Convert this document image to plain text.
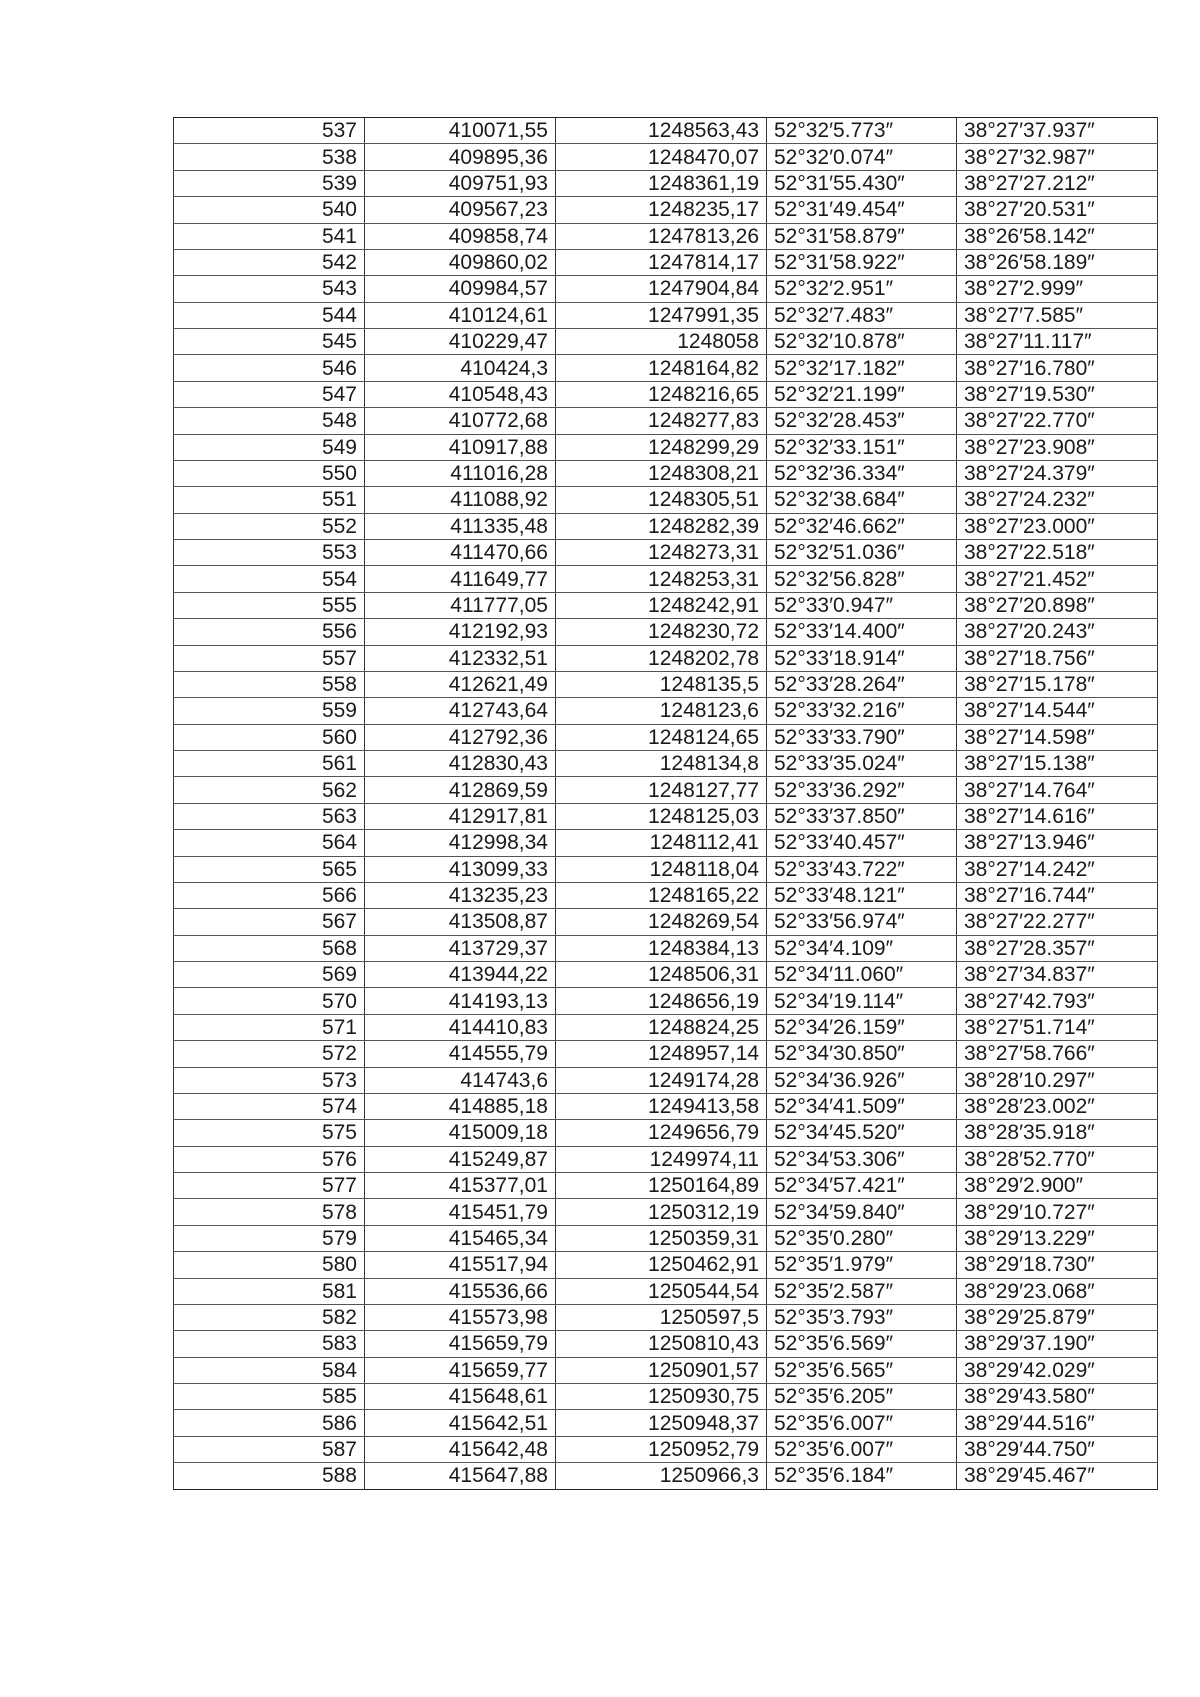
537	410071,55	1248563,43	52°32′5.773″	38°27′37.937″
538	409895,36	1248470,07	52°32′0.074″	38°27′32.987″
539	409751,93	1248361,19	52°31′55.430″	38°27′27.212″
540	409567,23	1248235,17	52°31′49.454″	38°27′20.531″
541	409858,74	1247813,26	52°31′58.879″	38°26′58.142″
542	409860,02	1247814,17	52°31′58.922″	38°26′58.189″
543	409984,57	1247904,84	52°32′2.951″	38°27′2.999″
544	410124,61	1247991,35	52°32′7.483″	38°27′7.585″
545	410229,47	1248058	52°32′10.878″	38°27′11.117″
546	410424,3	1248164,82	52°32′17.182″	38°27′16.780″
547	410548,43	1248216,65	52°32′21.199″	38°27′19.530″
548	410772,68	1248277,83	52°32′28.453″	38°27′22.770″
549	410917,88	1248299,29	52°32′33.151″	38°27′23.908″
550	411016,28	1248308,21	52°32′36.334″	38°27′24.379″
551	411088,92	1248305,51	52°32′38.684″	38°27′24.232″
552	411335,48	1248282,39	52°32′46.662″	38°27′23.000″
553	411470,66	1248273,31	52°32′51.036″	38°27′22.518″
554	411649,77	1248253,31	52°32′56.828″	38°27′21.452″
555	411777,05	1248242,91	52°33′0.947″	38°27′20.898″
556	412192,93	1248230,72	52°33′14.400″	38°27′20.243″
557	412332,51	1248202,78	52°33′18.914″	38°27′18.756″
558	412621,49	1248135,5	52°33′28.264″	38°27′15.178″
559	412743,64	1248123,6	52°33′32.216″	38°27′14.544″
560	412792,36	1248124,65	52°33′33.790″	38°27′14.598″
561	412830,43	1248134,8	52°33′35.024″	38°27′15.138″
562	412869,59	1248127,77	52°33′36.292″	38°27′14.764″
563	412917,81	1248125,03	52°33′37.850″	38°27′14.616″
564	412998,34	1248112,41	52°33′40.457″	38°27′13.946″
565	413099,33	1248118,04	52°33′43.722″	38°27′14.242″
566	413235,23	1248165,22	52°33′48.121″	38°27′16.744″
567	413508,87	1248269,54	52°33′56.974″	38°27′22.277″
568	413729,37	1248384,13	52°34′4.109″	38°27′28.357″
569	413944,22	1248506,31	52°34′11.060″	38°27′34.837″
570	414193,13	1248656,19	52°34′19.114″	38°27′42.793″
571	414410,83	1248824,25	52°34′26.159″	38°27′51.714″
572	414555,79	1248957,14	52°34′30.850″	38°27′58.766″
573	414743,6	1249174,28	52°34′36.926″	38°28′10.297″
574	414885,18	1249413,58	52°34′41.509″	38°28′23.002″
575	415009,18	1249656,79	52°34′45.520″	38°28′35.918″
576	415249,87	1249974,11	52°34′53.306″	38°28′52.770″
577	415377,01	1250164,89	52°34′57.421″	38°29′2.900″
578	415451,79	1250312,19	52°34′59.840″	38°29′10.727″
579	415465,34	1250359,31	52°35′0.280″	38°29′13.229″
580	415517,94	1250462,91	52°35′1.979″	38°29′18.730″
581	415536,66	1250544,54	52°35′2.587″	38°29′23.068″
582	415573,98	1250597,5	52°35′3.793″	38°29′25.879″
583	415659,79	1250810,43	52°35′6.569″	38°29′37.190″
584	415659,77	1250901,57	52°35′6.565″	38°29′42.029″
585	415648,61	1250930,75	52°35′6.205″	38°29′43.580″
586	415642,51	1250948,37	52°35′6.007″	38°29′44.516″
587	415642,48	1250952,79	52°35′6.007″	38°29′44.750″
588	415647,88	1250966,3	52°35′6.184″	38°29′45.467″
